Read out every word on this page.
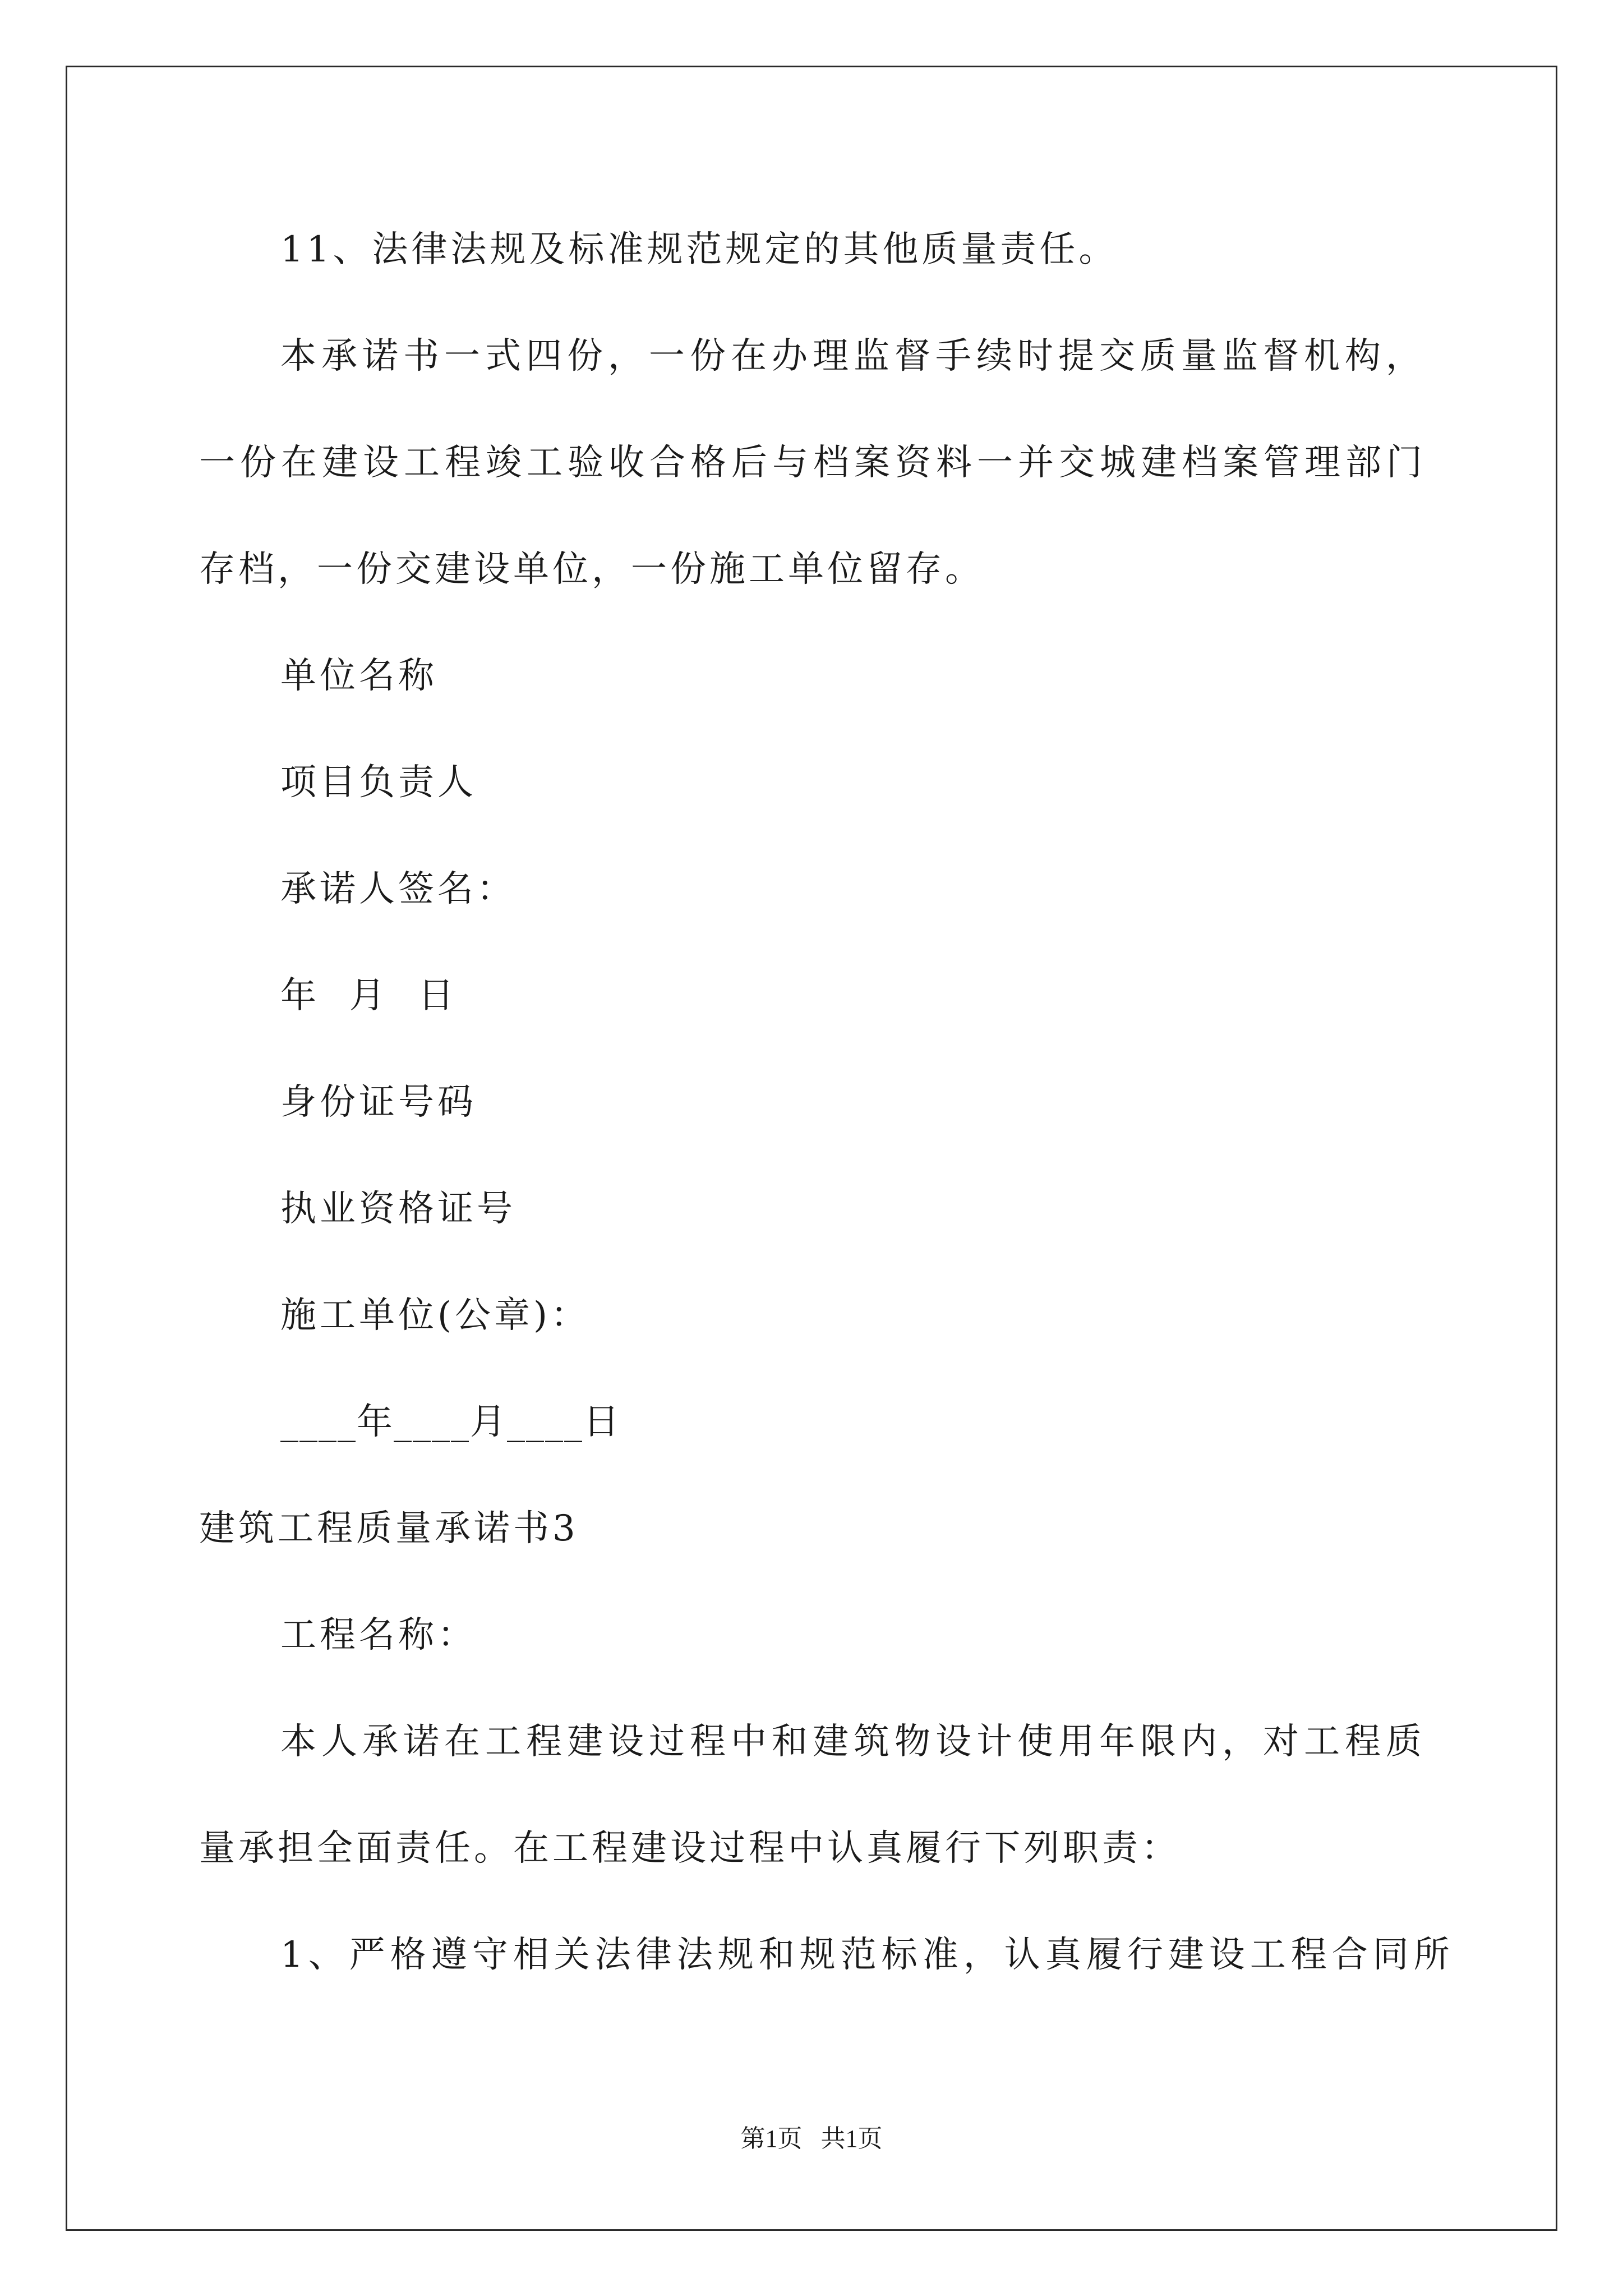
11、法律法规及标准规范规定的其他质量责任。
本承诺书一式四份，一份在办理监督手续时提交质量监督机构，
一份在建设工程竣工验收合格后与档案资料一并交城建档案管理部门
存档，一份交建设单位，一份施工单位留存。
单位名称
项目负责人
承诺人签名：
年  月  日
身份证号码
执业资格证号
施工单位(公章)：
____年____月____日
建筑工程质量承诺书3
工程名称：
本人承诺在工程建设过程中和建筑物设计使用年限内，对工程质
量承担全面责任。在工程建设过程中认真履行下列职责：
1、严格遵守相关法律法规和规范标准，认真履行建设工程合同所
第1页   共1页
